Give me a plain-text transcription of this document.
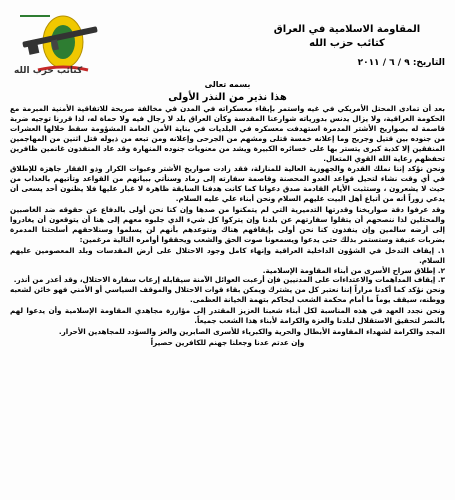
المقاومة الاسلامية في العراق
كتائب حزب الله
التاريخ: ٩ / ٦ / ٢٠١١
كتائب حزب الله
بسمه تعالى
هذا نذير من النذر الأولى

بعد أن تمادى المحتل الأمريكي في غيه واستمر بإبقاء معسكراته في المدن في مخالفة صريحة للاتفاقية الأمنية المبرمة مع الحكومة العراقية، ولا يزال يدنس بدورياته شوارعنا المقدسة وكأن العراق بلد لا رجال فيه ولا حماة له، لذا قررنا توجيه ضربة قاصمة له بصواريخ الأشتر المدمرة استهدفت معسكره في البلديات في بناية الأمن العامة المشؤومة سقط خلالها العشرات من جنوده بين قتيل وجريح وما إعلانه خمسة قتلى ومشهم من الجرحى وإعلانه ومن تبعه من ذيوله قتل اثنين من المهاجمين المنفقين إلا كذبة كبرى يتستر بها على خسائره الكبيرة ويشد من معنويات جنوده المنهارة وقد عاد المنفذون غانمين ظافرين تحفظهم رعاية الله القوي المتعال.

ونحن نؤكد إننا نملك القدرة والجهوزية العالية للمنازلة، فقد زادت صواريخ الأشتر وعبوات الكرار وذو الفقار جاهزة للإطلاق في أي وقت نشاء لتحيل قواعد العدو المحصنة وقاصمة سفارته إلى رماد وسنأتي ببيانهم من القواعد وتأتيهم بالعذاب من حيث لا يشعرون ، وستثبت الأيام القادمة صدق دعوانا كما كانت هدفنا السابقة ظاهرة لا غبار عليها فلا يظنون أحد يسعى أن يدعي زوراً أنه من أتباع أهل البيت عليهم السلام ونحن أبناء علي عليه السلام.

وقد عرفوا دقة صواريخنا وقدرتها التدميرية التي لم يتمكنوا من صدها وإن كنا نحن أولى بالدفاع عن حقوقه ضد الغاصبين والمحتلين لذا ننصحهم أن يتقلوا سفارتهم عن بلدنا وإن يتركوا كل شيء الذي جلبوه معهم إلى هنا أن يتوقعون أن يغادروا إلى أرضه سالمين وإن ينفذون كنا نحن أولى بإيقافهم هناك ونتوعدهم بأنهم لن يسلموا وسنلاحقهم أسلحتنا المدمرة بضربات عنيفة وستستمر بذلك حتى يدعوا ويسمعونا صوت الحق والشعب ويحققوا أوامره التالية مرغمين:

١. إيقاف التدخل في الشؤون الداخلية العراقية وإنهاء كامل وجود الاحتلال على أرض المقدسات وبلد المعصومين عليهم السلام.
٢. إطلاق سراح الأسرى من أبناء المقاومة الإسلامية.
٣. إيقاف المداهمات والاعتداءات على المدنيين فإن أرعبت العوائل الآمنة سيقابله إرعاب سفارة الاحتلال، وقد أعذر من أنذر.

ونحن نؤكد كما أكدنا مراراً إننا نعتبر كل من يشترك ويمكن بقاء قوات الاحتلال والموقف السياسي أو الأمني فهو خائن لشعبه ووطنه، سيقف يوماً ما أمام محكمة الشعب ليحاكم بتهمة الخيانة العظمى.

ونحن نجدد العهد في هذه المناسبة لكل أبناء شعبنا العزيز المقتدر إلى مؤازرة مجاهدي المقاومة الإسلامية وأن يدعوا لهم بالنصر لتحقيق الاستقلال لبلدنا والعزة والكرامة لأبناء هذا الشعب جميعاً.

المجد والكرامة لشهداء المقاومة الأبطال والحرية والكبرياء للأسرى الصابرين والعز والسؤدد للمجاهدين الأحرار.

وإن عدتم عدنا وجعلنا جهنم للكافرين حصيراً
